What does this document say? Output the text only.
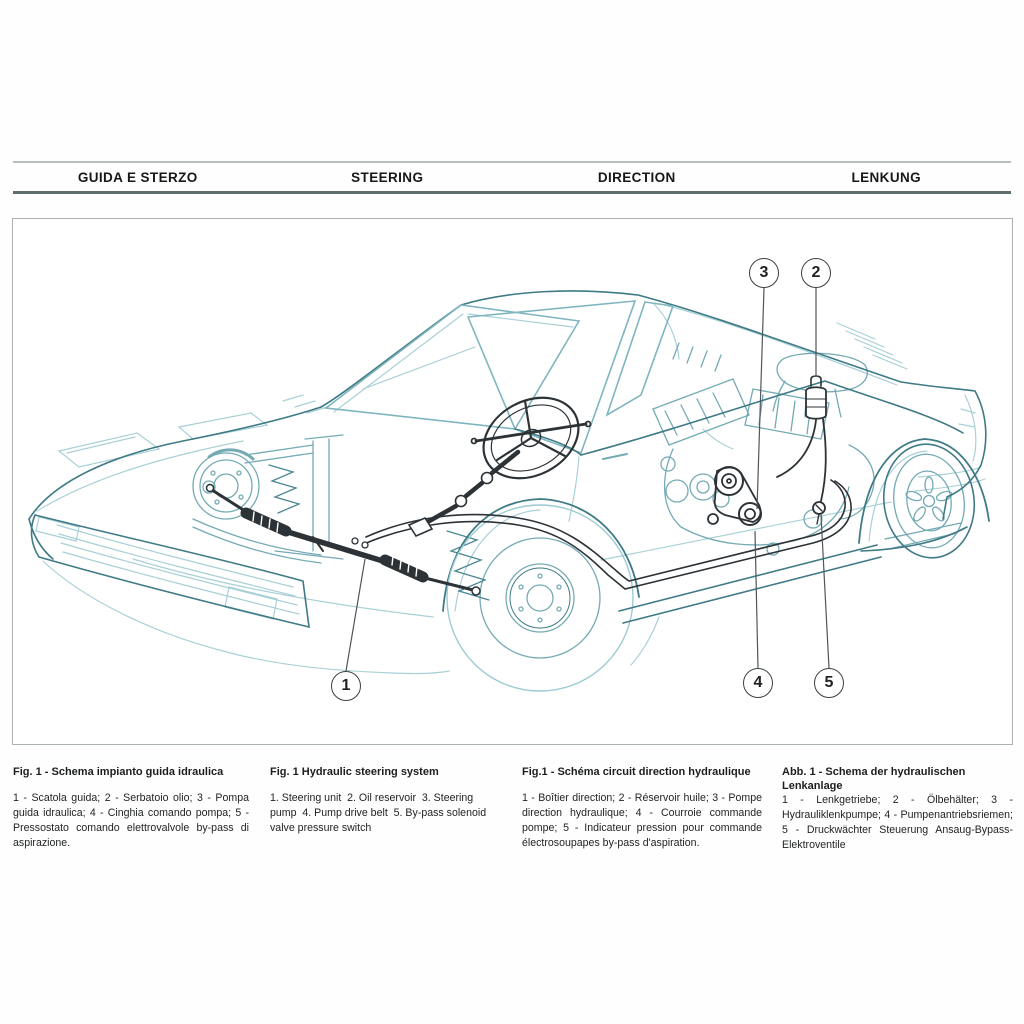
GUIDA E STERZO	STEERING	DIRECTION	LENKUNG
1
2
3
4	5
Fig. 1 - Schema impianto guida idraulica
1 - Scatola guida; 2 - Serbatoio olio; 3 - Pompa guida idraulica; 4 - Cinghia comando pompa; 5 - Pressostato comando elettrovalvole by-pass di aspirazione.
Fig. 1 Hydraulic steering system
1. Steering unit  2. Oil reservoir  3. Steering pump  4. Pump drive belt  5. By-pass solenoid valve pressure switch
Fig.1 - Schéma circuit direction hydraulique
1 - Boîtier direction; 2 - Réservoir huile; 3 - Pompe direction hydraulique; 4 - Courroie commande pompe; 5 - Indicateur pression pour commande électrosoupapes by-pass d'aspiration.
Abb. 1 - Schema der hydraulischen Lenkanlage
1 - Lenkgetriebe; 2 - Ölbehälter; 3 - Hydrauliklenkpumpe; 4 - Pumpenantriebsriemen; 5 - Druckwächter Steuerung Ansaug-Bypass-Elektroventile
